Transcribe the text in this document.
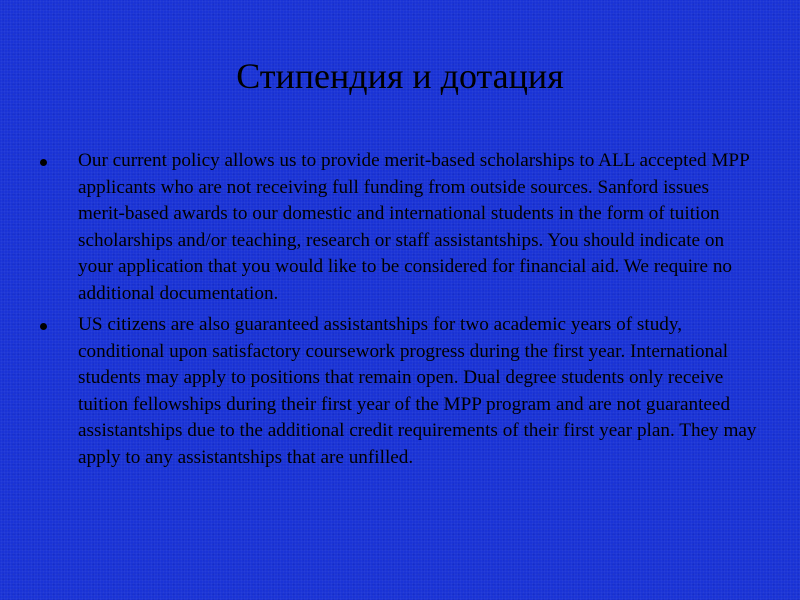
Стипендия и дотация
Our current policy allows us to provide merit-based scholarships to ALL accepted MPP applicants who are not receiving full funding from outside sources. Sanford issues merit-based awards to our domestic and international students in the form of tuition scholarships and/or teaching, research or staff assistantships. You should indicate on your application that you would like to be considered for financial aid. We require no additional documentation.
US citizens are also guaranteed assistantships for two academic years of study, conditional upon satisfactory coursework progress during the first year. International students may apply to positions that remain open. Dual degree students only receive tuition fellowships during their first year of the MPP program and are not guaranteed assistantships due to the additional credit requirements of their first year plan. They may apply to any assistantships that are unfilled.
